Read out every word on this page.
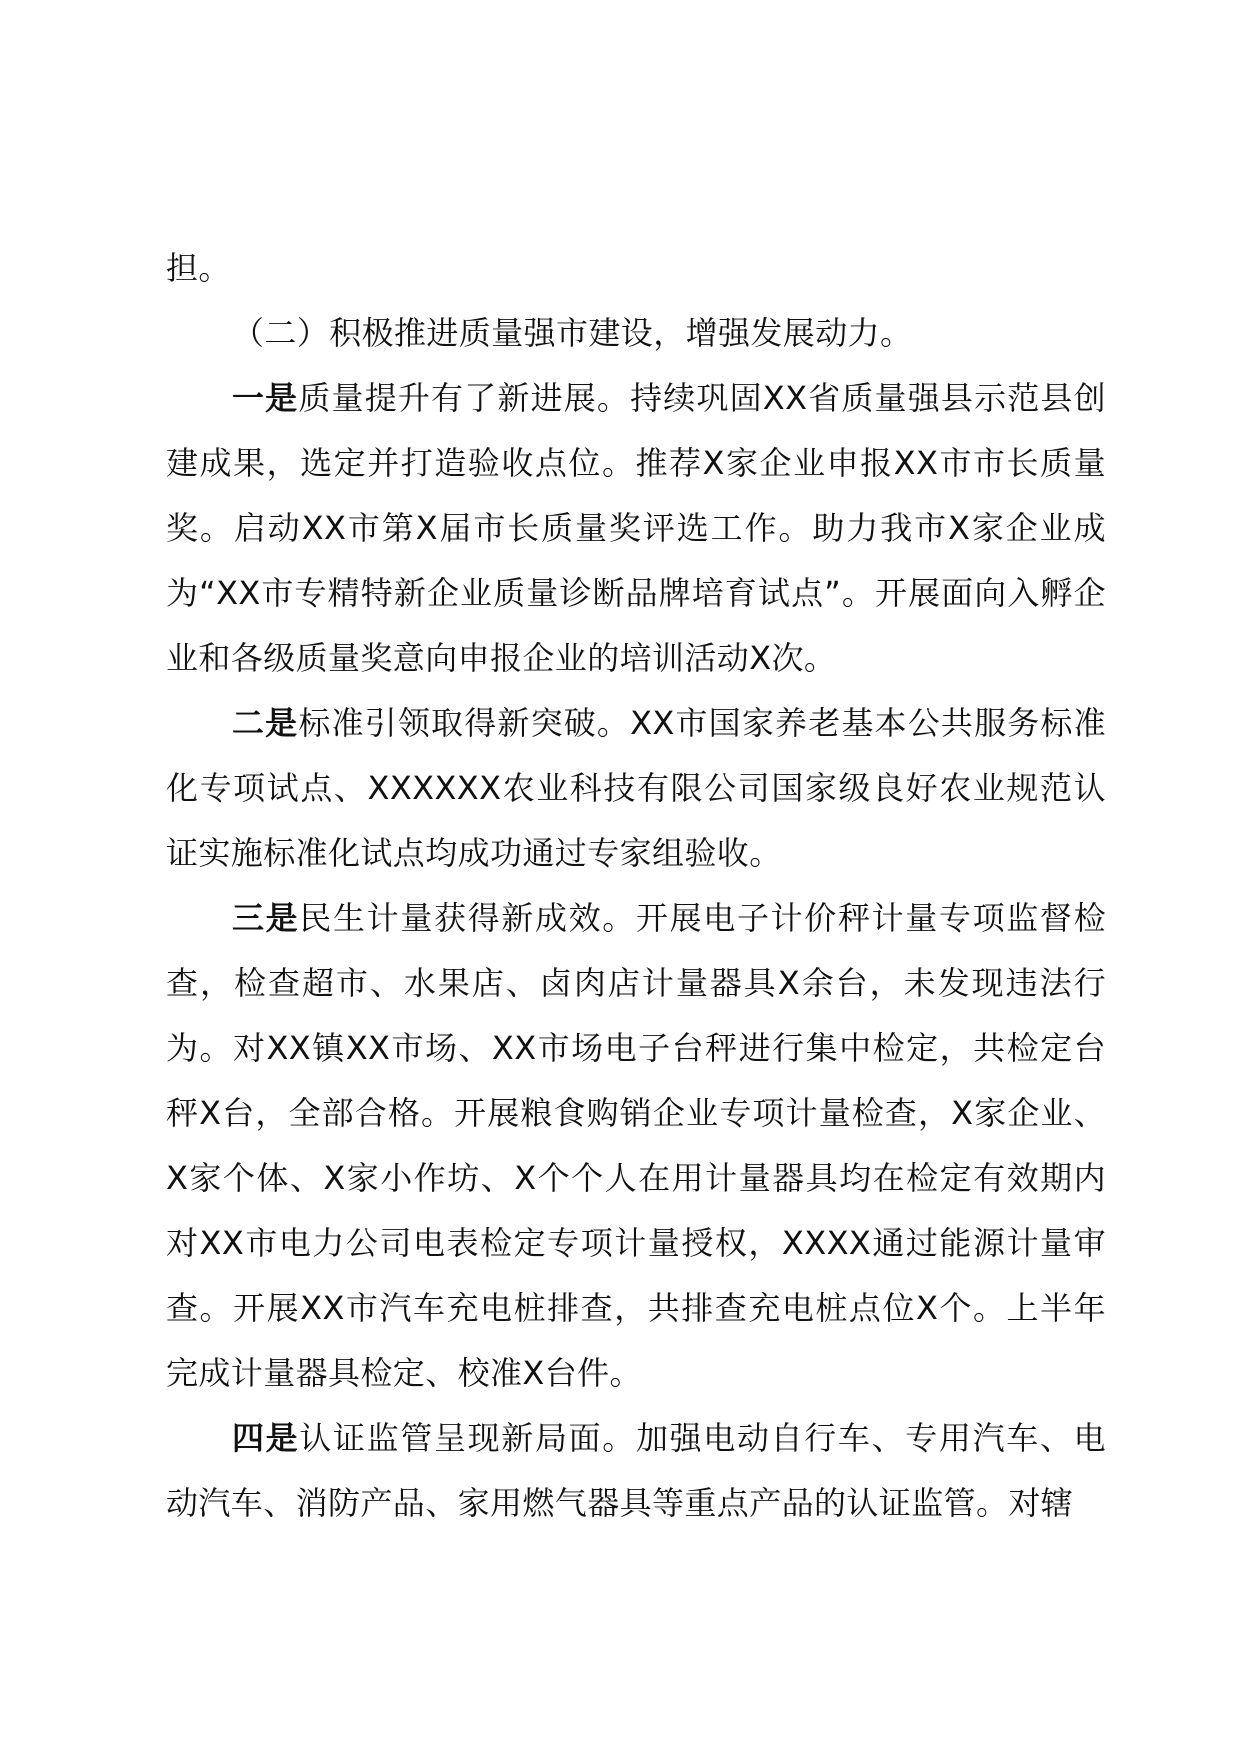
担。

（二）积极推进质量强市建设，增强发展动力。

一是质量提升有了新进展。持续巩固XX省质量强县示范县创建成果，选定并打造验收点位。推荐X家企业申报XX市市长质量奖。启动XX市第X届市长质量奖评选工作。助力我市X家企业成为“XX市专精特新企业质量诊断品牌培育试点”。开展面向入孵企业和各级质量奖意向申报企业的培训活动X次。

二是标准引领取得新突破。XX市国家养老基本公共服务标准化专项试点、XXXXXX农业科技有限公司国家级良好农业规范认证实施标准化试点均成功通过专家组验收。

三是民生计量获得新成效。开展电子计价秤计量专项监督检查，检查超市、水果店、卤肉店计量器具X余台，未发现违法行为。对XX镇XX市场、XX市场电子台秤进行集中检定，共检定台秤X台，全部合格。开展粮食购销企业专项计量检查，X家企业、X家个体、X家小作坊、X个个人在用计量器具均在检定有效期内对XX市电力公司电表检定专项计量授权，XXXX通过能源计量审查。开展XX市汽车充电桩排查，共排查充电桩点位X个。上半年完成计量器具检定、校准X台件。

四是认证监管呈现新局面。加强电动自行车、专用汽车、电动汽车、消防产品、家用燃气器具等重点产品的认证监管。对辖
